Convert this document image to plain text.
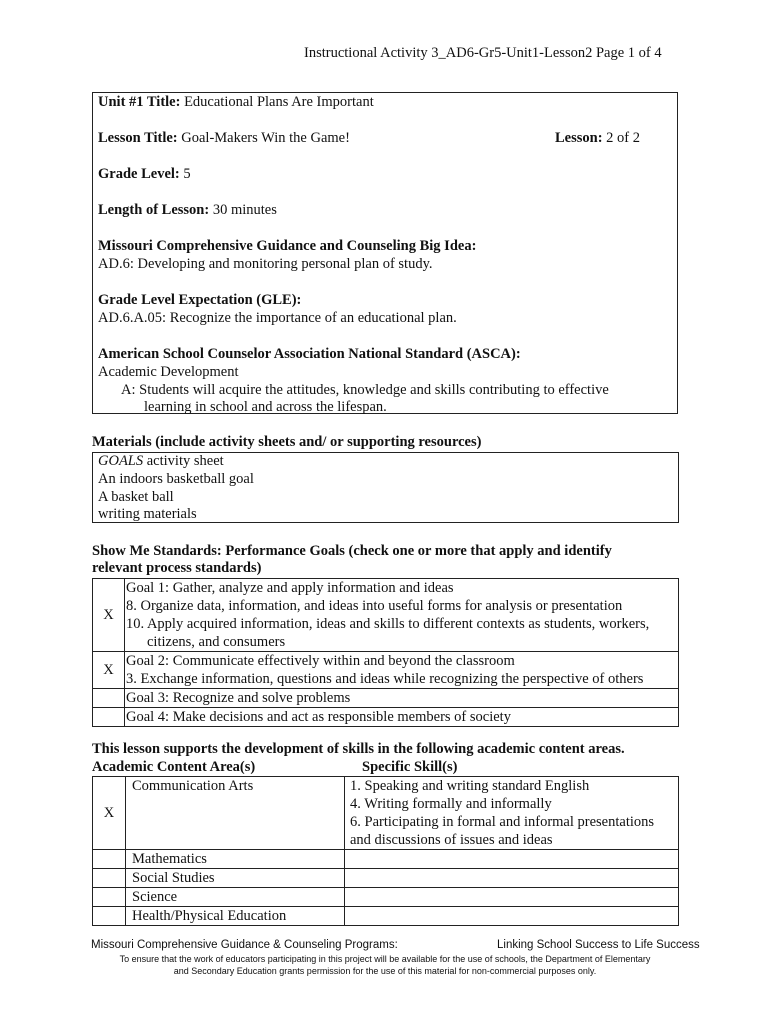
Instructional Activity 3_AD6-Gr5-Unit1-Lesson2 Page 1 of 4
Unit #1 Title: Educational Plans Are Important
Lesson Title: Goal-Makers Win the Game!	Lesson: 2 of 2
Grade Level: 5
Length of Lesson: 30 minutes
Missouri Comprehensive Guidance and Counseling Big Idea:
AD.6: Developing and monitoring personal plan of study.
Grade Level Expectation (GLE):
AD.6.A.05: Recognize the importance of an educational plan.
American School Counselor Association National Standard (ASCA):
Academic Development
A: Students will acquire the attitudes, knowledge and skills contributing to effective
learning in school and across the lifespan.
Materials (include activity sheets and/ or supporting resources)
GOALS activity sheet
An indoors basketball goal
A basket ball
writing materials
Show Me Standards: Performance Goals (check one or more that apply and identify
relevant process standards)
X	Goal 1: Gather, analyze and apply information and ideas
8. Organize data, information, and ideas into useful forms for analysis or presentation
10. Apply acquired information, ideas and skills to different contexts as students, workers,
citizens, and consumers

X	Goal 2: Communicate effectively within and beyond the classroom
3. Exchange information, questions and ideas while recognizing the perspective of others

	Goal 3: Recognize and solve problems

	Goal 4: Make decisions and act as responsible members of society
This lesson supports the development of skills in the following academic content areas.
Academic Content Area(s)	Specific Skill(s)
X	Communication Arts	1. Speaking and writing standard English
4. Writing formally and informally
6. Participating in formal and informal presentations
and discussions of issues and ideas

	Mathematics	
	Social Studies	
	Science	
	Health/Physical Education	
Missouri Comprehensive Guidance & Counseling Programs:	Linking School Success to Life Success
To ensure that the work of educators participating in this project will be available for the use of schools, the Department of Elementary
and Secondary Education grants permission for the use of this material for non-commercial purposes only.
